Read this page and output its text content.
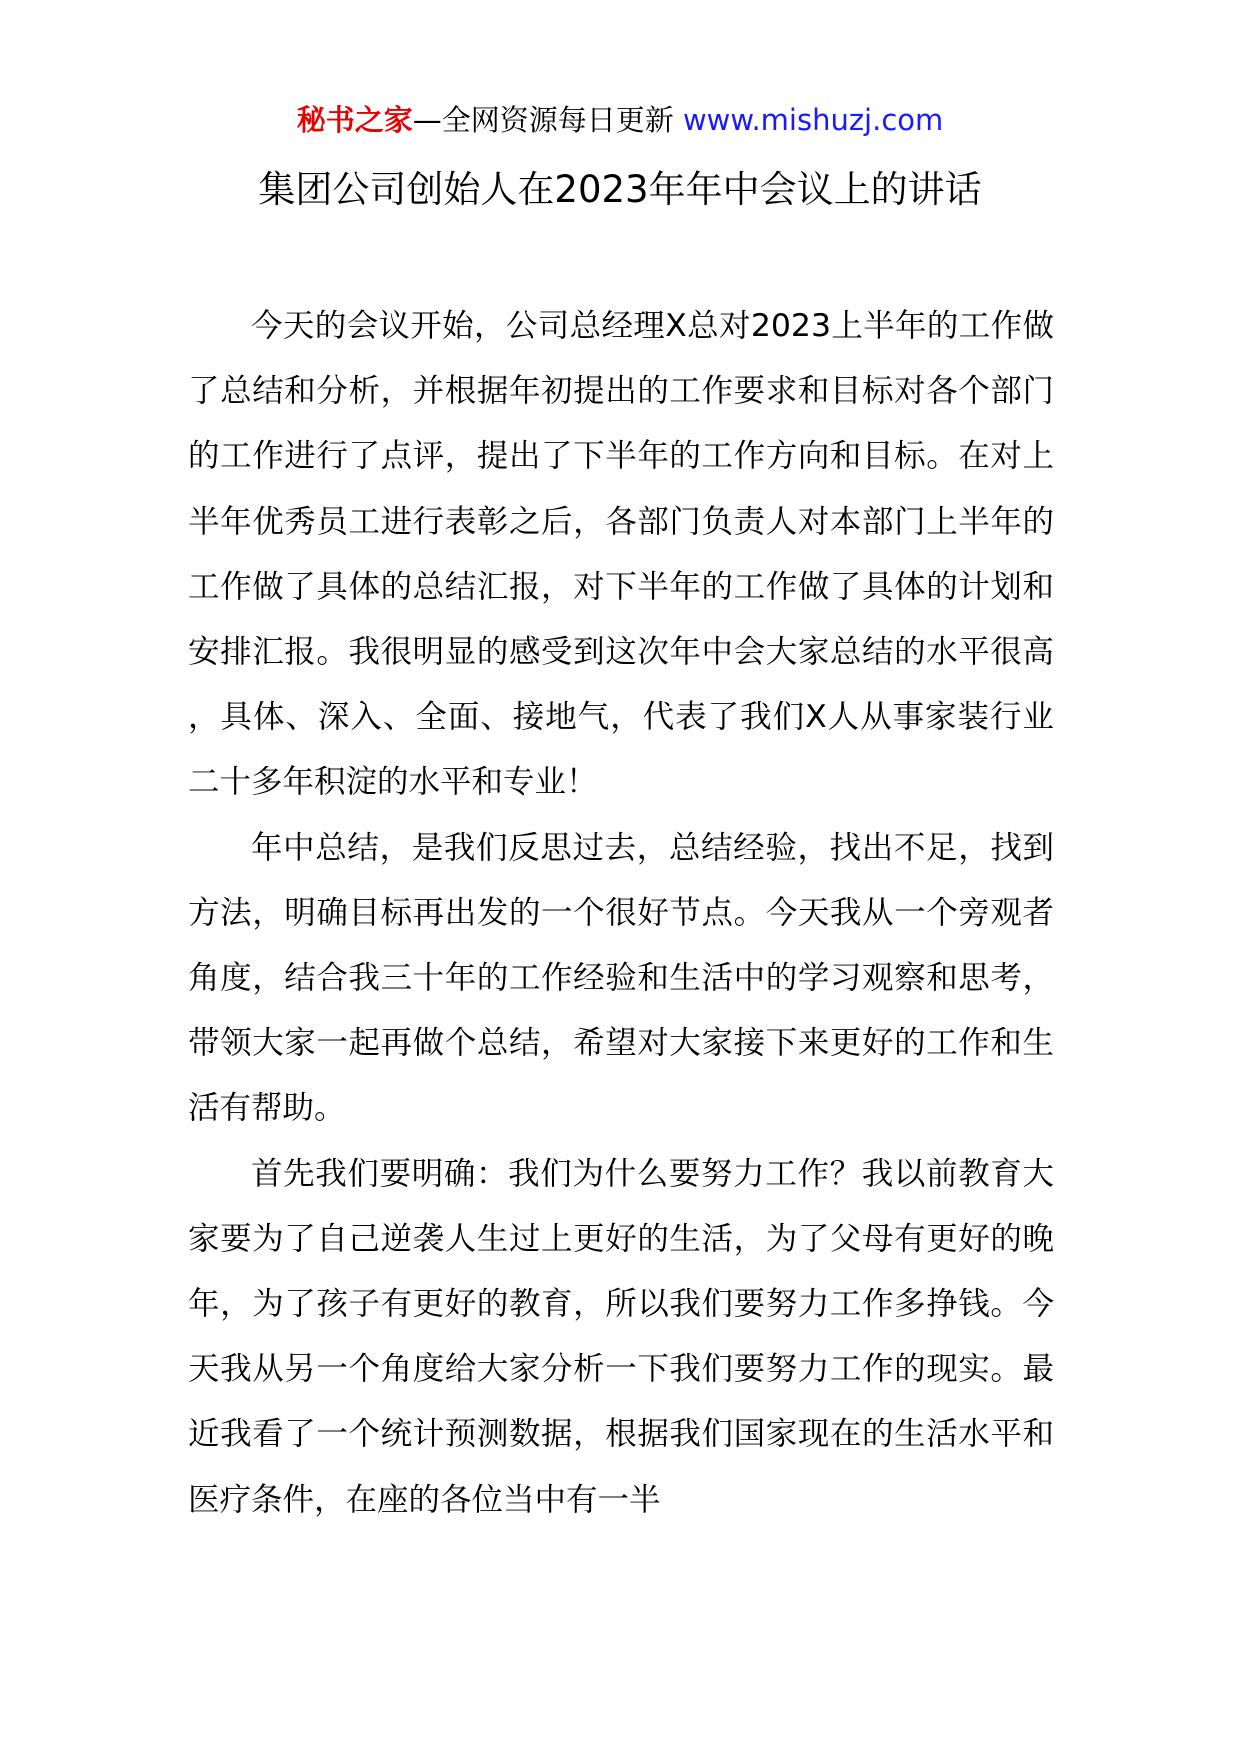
秘书之家—全网资源每日更新 www.mishuzj.com
集团公司创始人在2023年年中会议上的讲话

今天的会议开始，公司总经理X总对2023上半年的工作做了总结和分析，并根据年初提出的工作要求和目标对各个部门的工作进行了点评，提出了下半年的工作方向和目标。在对上半年优秀员工进行表彰之后，各部门负责人对本部门上半年的工作做了具体的总结汇报，对下半年的工作做了具体的计划和安排汇报。我很明显的感受到这次年中会大家总结的水平很高，具体、深入、全面、接地气，代表了我们X人从事家装行业二十多年积淀的水平和专业！

年中总结，是我们反思过去，总结经验，找出不足，找到方法，明确目标再出发的一个很好节点。今天我从一个旁观者角度，结合我三十年的工作经验和生活中的学习观察和思考，带领大家一起再做个总结，希望对大家接下来更好的工作和生活有帮助。

首先我们要明确：我们为什么要努力工作？我以前教育大家要为了自己逆袭人生过上更好的生活，为了父母有更好的晚年，为了孩子有更好的教育，所以我们要努力工作多挣钱。今天我从另一个角度给大家分析一下我们要努力工作的现实。最近我看了一个统计预测数据，根据我们国家现在的生活水平和医疗条件，在座的各位当中有一半
